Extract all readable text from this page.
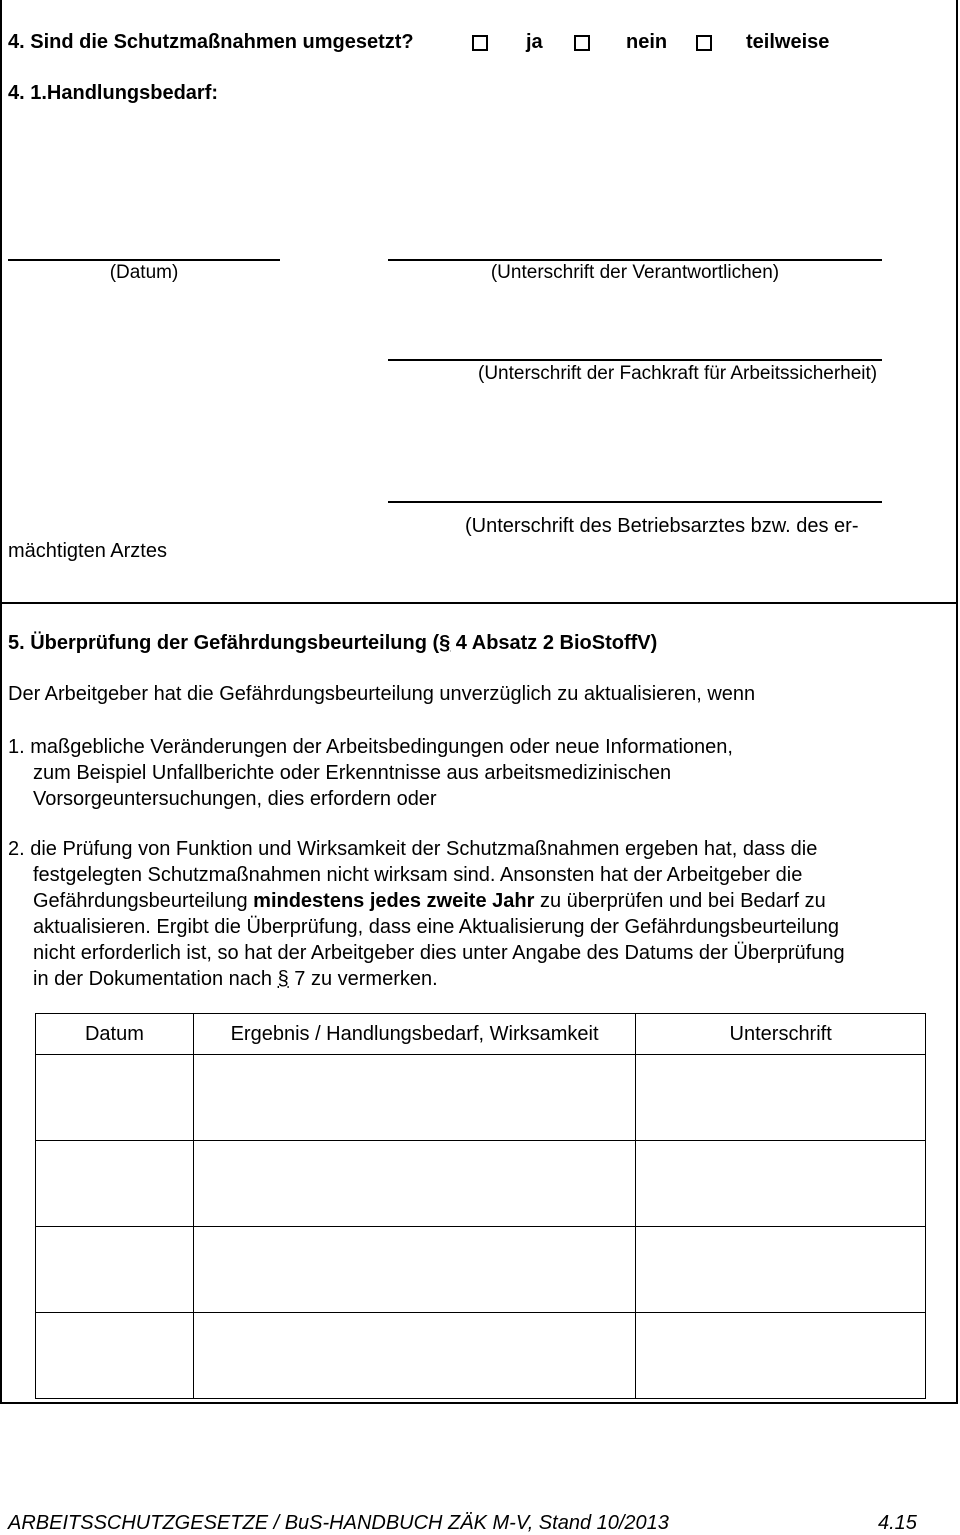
4. Sind die Schutzmaßnahmen umgesetzt?	ja	nein	teilweise
4. 1.Handlungsbedarf:
(Datum)	(Unterschrift der Verantwortlichen)
(Unterschrift der Fachkraft für Arbeitssicherheit)
(Unterschrift des Betriebsarztes bzw. des er-
mächtigten Arztes
5. Überprüfung der Gefährdungsbeurteilung (§ 4 Absatz 2 BioStoffV)
Der Arbeitgeber hat die Gefährdungsbeurteilung unverzüglich zu aktualisieren, wenn
1. maßgebliche Veränderungen der Arbeitsbedingungen oder neue Informationen,
zum Beispiel Unfallberichte oder Erkenntnisse aus arbeitsmedizinischen
Vorsorgeuntersuchungen, dies erfordern oder
2. die Prüfung von Funktion und Wirksamkeit der Schutzmaßnahmen ergeben hat, dass die
festgelegten Schutzmaßnahmen nicht wirksam sind. Ansonsten hat der Arbeitgeber die
Gefährdungsbeurteilung mindestens jedes zweite Jahr zu überprüfen und bei Bedarf zu
aktualisieren. Ergibt die Überprüfung, dass eine Aktualisierung der Gefährdungsbeurteilung
nicht erforderlich ist, so hat der Arbeitgeber dies unter Angabe des Datums der Überprüfung
in der Dokumentation nach § 7 zu vermerken.
Datum	Ergebnis / Handlungsbedarf, Wirksamkeit	Unterschrift

ARBEITSSCHUTZGESETZE / BuS-HANDBUCH ZÄK M-V, Stand 10/2013	4.15
